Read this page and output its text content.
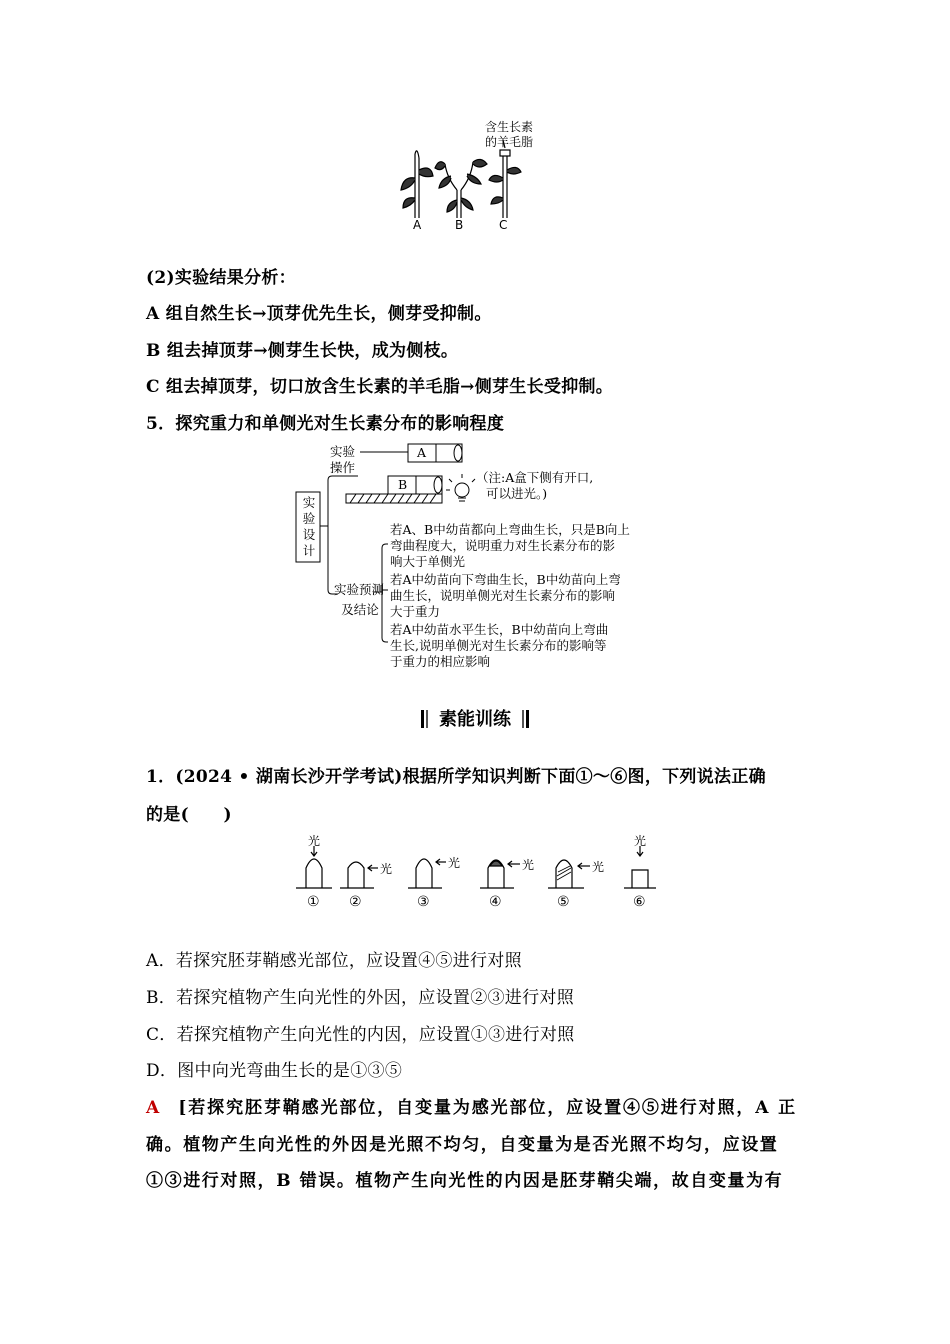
含生长素
的羊毛脂
A	B	C
(2)实验结果分析：
A 组自然生长→顶芽优先生长，侧芽受抑制。
B 组去掉顶芽→侧芽生长快，成为侧枝。
C 组去掉顶芽，切口放含生长素的羊毛脂→侧芽生长受抑制。
5．探究重力和单侧光对生长素分布的影响程度
实
验
设
计
实验
操作
A
B	（注:A盒下侧有开口,
可以进光。)
实验预测
及结论
若A、B中幼苗都向上弯曲生长，只是B向上
弯曲程度大，说明重力对生长素分布的影
响大于单侧光
若A中幼苗向下弯曲生长，B中幼苗向上弯
曲生长，说明单侧光对生长素分布的影响
大于重力
若A中幼苗水平生长，B中幼苗向上弯曲
生长,说明单侧光对生长素分布的影响等
于重力的相应影响
素能训练
1．(2024 • 湖南长沙开学考试)根据所学知识判断下面①～⑥图，下列说法正确
的是(　　)
光
光	光	光	光
光
① ②	③	④	⑤	⑥
A．若探究胚芽鞘感光部位，应设置④⑤进行对照
B．若探究植物产生向光性的外因，应设置②③进行对照
C．若探究植物产生向光性的内因，应设置①③进行对照
D．图中向光弯曲生长的是①③⑤
A [若探究胚芽鞘感光部位，自变量为感光部位，应设置④⑤进行对照，A 正
确。植物产生向光性的外因是光照不均匀，自变量为是否光照不均匀，应设置
①③进行对照，B 错误。植物产生向光性的内因是胚芽鞘尖端，故自变量为有
